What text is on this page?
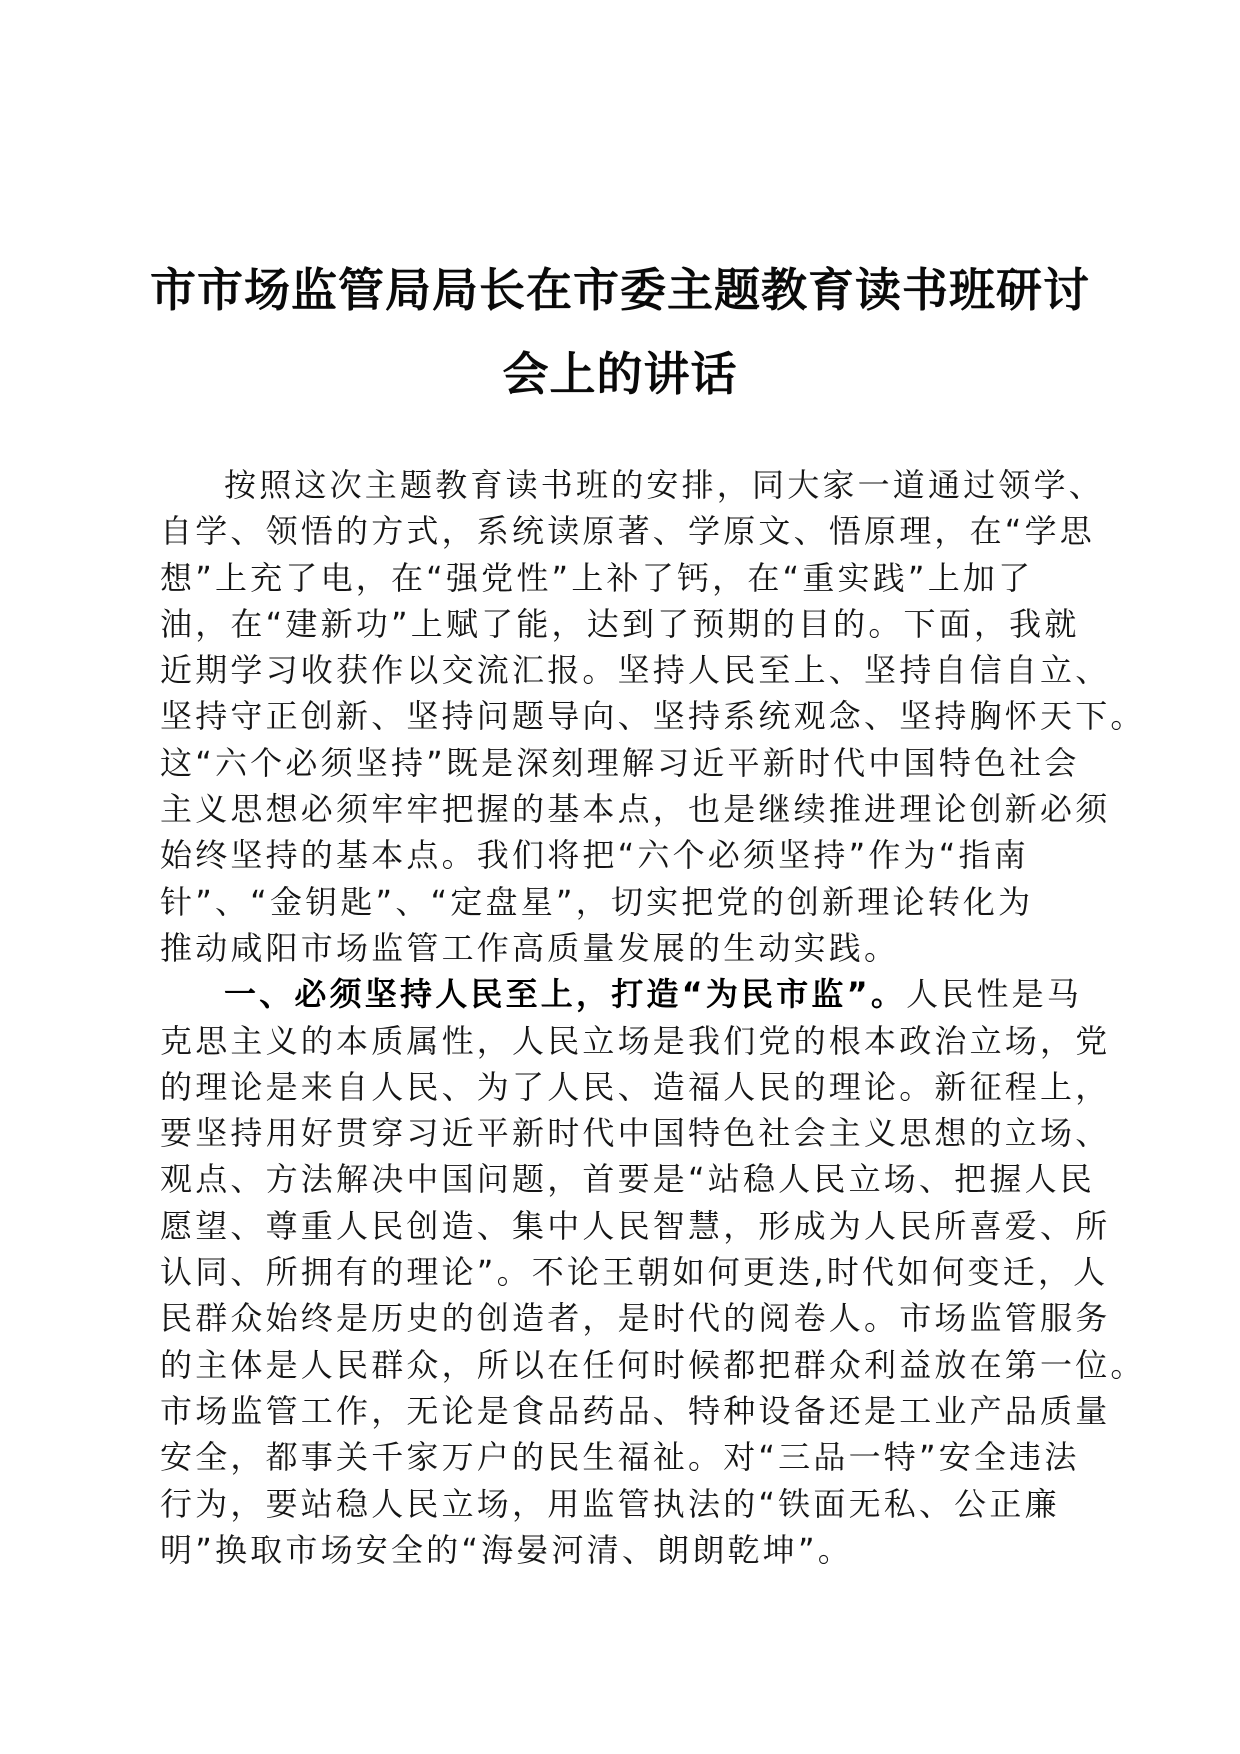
市市场监管局局长在市委主题教育读书班研讨
会上的讲话

按照这次主题教育读书班的安排，同大家一道通过领学、
自学、领悟的方式，系统读原著、学原文、悟原理，在“学思
想”上充了电，在“强党性”上补了钙，在“重实践”上加了
油，在“建新功”上赋了能，达到了预期的目的。下面，我就
近期学习收获作以交流汇报。坚持人民至上、坚持自信自立、
坚持守正创新、坚持问题导向、坚持系统观念、坚持胸怀天下。
这“六个必须坚持”既是深刻理解习近平新时代中国特色社会
主义思想必须牢牢把握的基本点，也是继续推进理论创新必须
始终坚持的基本点。我们将把“六个必须坚持”作为“指南
针”、“金钥匙”、“定盘星”，切实把党的创新理论转化为
推动咸阳市场监管工作高质量发展的生动实践。

一、必须坚持人民至上，打造“为民市监”。人民性是马
克思主义的本质属性，人民立场是我们党的根本政治立场，党
的理论是来自人民、为了人民、造福人民的理论。新征程上，
要坚持用好贯穿习近平新时代中国特色社会主义思想的立场、
观点、方法解决中国问题，首要是“站稳人民立场、把握人民
愿望、尊重人民创造、集中人民智慧，形成为人民所喜爱、所
认同、所拥有的理论”。不论王朝如何更迭,时代如何变迁，人
民群众始终是历史的创造者，是时代的阅卷人。市场监管服务
的主体是人民群众，所以在任何时候都把群众利益放在第一位。
市场监管工作，无论是食品药品、特种设备还是工业产品质量
安全，都事关千家万户的民生福祉。对“三品一特”安全违法
行为，要站稳人民立场，用监管执法的“铁面无私、公正廉
明”换取市场安全的“海晏河清、朗朗乾坤”。
